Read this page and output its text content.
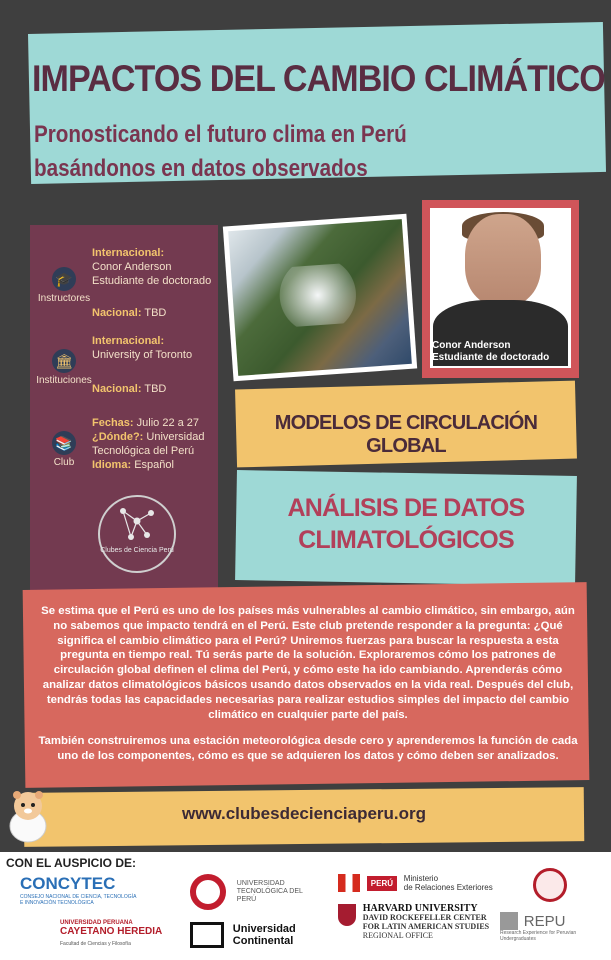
IMPACTOS DEL CAMBIO CLIMÁTICO
Pronosticando el futuro clima en Perú basándonos en datos observados
🎓
Instructores
Internacional:
Conor Anderson
Estudiante de doctorado
Nacional: TBD
🏛
Instituciones
Internacional:
University of Toronto
Nacional: TBD
📚
Club
Fechas: Julio 22 a 27
¿Dónde?: Universidad Tecnológica del Perú
Idioma: Español
Clubes de Ciencia Perú
Conor Anderson
Estudiante de doctorado
MODELOS DE CIRCULACIÓN GLOBAL
ANÁLISIS DE DATOS CLIMATOLÓGICOS

Se estima que el Perú es uno de los países más vulnerables al cambio climático, sin embargo, aún no sabemos que impacto tendrá en el Perú. Este club pretende responder a la pregunta: ¿Qué significa el cambio climático para el Perú? Uniremos fuerzas para buscar la respuesta a esta pregunta en tiempo real. Tú serás parte de la solución. Exploraremos cómo los patrones de circulación global definen el clima del Perú, y cómo este ha ido cambiando. Aprenderás cómo analizar datos climatológicos básicos usando datos observados en la vida real. Después del club, tendrás todas las capacidades necesarias para realizar estudios simples del impacto del cambio climático en cualquier parte del país.

También construiremos una estación meteorológica desde cero y aprenderemos la función de cada uno de los componentes, cómo es que se adquieren los datos y cómo deben ser analizados.

www.clubesdecienciaperu.org
CON EL AUSPICIO DE:
CONCYTEC
CONSEJO NACIONAL DE CIENCIA, TECNOLOGÍA E INNOVACIÓN TECNOLÓGICA
UNIVERSIDAD PERUANA
CAYETANO HEREDIA
Facultad de Ciencias y Filosofía
UNIVERSIDAD TECNOLÓGICA DEL PERÚ
Universidad
Continental
PERÚ Ministerio
de Relaciones Exteriores
HARVARD UNIVERSITY
DAVID ROCKEFELLER CENTER
FOR LATIN AMERICAN STUDIES
REGIONAL OFFICE
REPU
Research Experience for Peruvian Undergraduates
